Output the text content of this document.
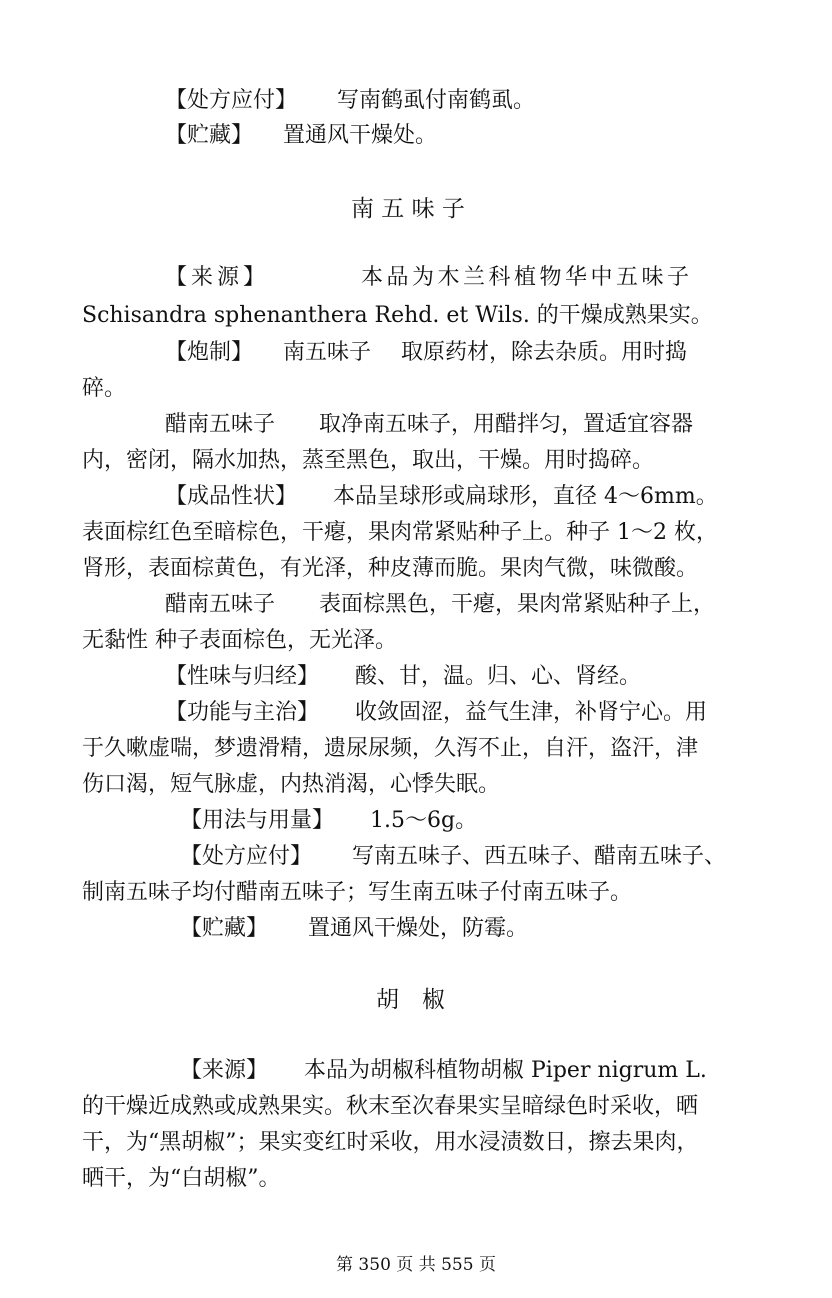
【处方应付】 写南鹤虱付南鹤虱。
【贮藏】 置通风干燥处。
南 五 味 子
【来源】	本品为木兰科植物华中五味子
Schisandra sphenanthera Rehd. et Wils. 的干燥成熟果实。
【炮制】 南五味子 取原药材，除去杂质。用时捣
碎。
醋南五味子 取净南五味子，用醋拌匀，置适宜容器
内，密闭，隔水加热，蒸至黑色，取出，干燥。用时捣碎。
【成品性状】 本品呈球形或扁球形，直径 4～6mm。
表面棕红色至暗棕色，干瘪，果肉常紧贴种子上。种子 1～2 枚，
肾形，表面棕黄色，有光泽，种皮薄而脆。果肉气微，味微酸。
醋南五味子 表面棕黑色，干瘪，果肉常紧贴种子上，
无黏性 种子表面棕色，无光泽。
【性味与归经】 酸、甘，温。归、心、肾经。
【功能与主治】 收敛固涩，益气生津，补肾宁心。用
于久嗽虚喘，梦遗滑精，遗尿尿频，久泻不止，自汗，盗汗，津
伤口渴，短气脉虚，内热消渴，心悸失眠。
【用法与用量】 1.5～6g。
【处方应付】 写南五味子、西五味子、醋南五味子、
制南五味子均付醋南五味子；写生南五味子付南五味子。
【贮藏】 置通风干燥处，防霉。
胡　椒
【来源】 本品为胡椒科植物胡椒 Piper nigrum L.
的干燥近成熟或成熟果实。秋末至次春果实呈暗绿色时采收，晒
干，为“黑胡椒”；果实变红时采收，用水浸渍数日，擦去果肉，
晒干，为“白胡椒”。
第 350 页 共 555 页
